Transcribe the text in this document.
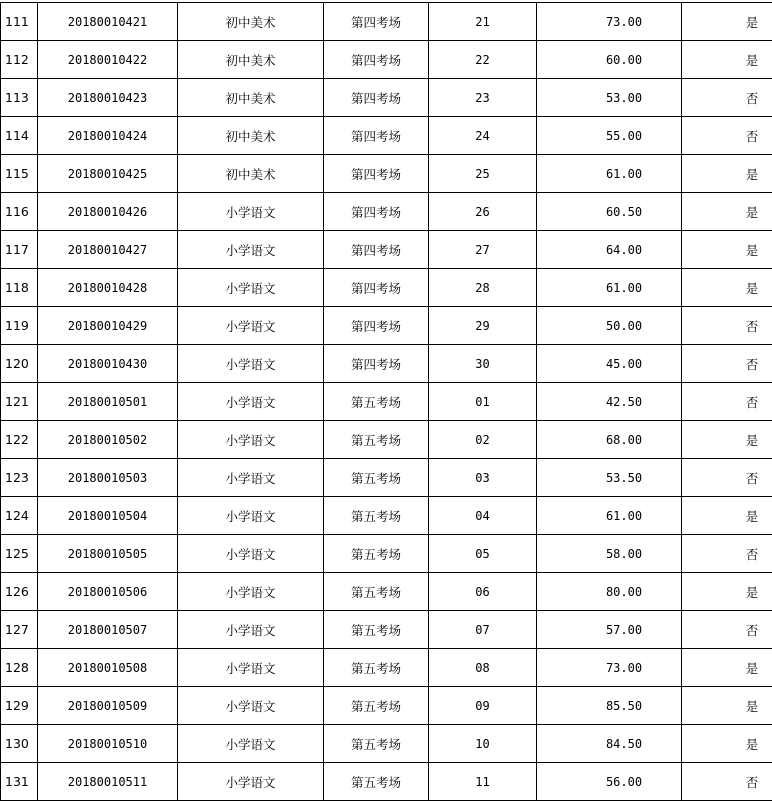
111	20180010421	初中美术	第四考场	21	73.00	是
112	20180010422	初中美术	第四考场	22	60.00	是
113	20180010423	初中美术	第四考场	23	53.00	否
114	20180010424	初中美术	第四考场	24	55.00	否
115	20180010425	初中美术	第四考场	25	61.00	是
116	20180010426	小学语文	第四考场	26	60.50	是
117	20180010427	小学语文	第四考场	27	64.00	是
118	20180010428	小学语文	第四考场	28	61.00	是
119	20180010429	小学语文	第四考场	29	50.00	否
120	20180010430	小学语文	第四考场	30	45.00	否
121	20180010501	小学语文	第五考场	01	42.50	否
122	20180010502	小学语文	第五考场	02	68.00	是
123	20180010503	小学语文	第五考场	03	53.50	否
124	20180010504	小学语文	第五考场	04	61.00	是
125	20180010505	小学语文	第五考场	05	58.00	否
126	20180010506	小学语文	第五考场	06	80.00	是
127	20180010507	小学语文	第五考场	07	57.00	否
128	20180010508	小学语文	第五考场	08	73.00	是
129	20180010509	小学语文	第五考场	09	85.50	是
130	20180010510	小学语文	第五考场	10	84.50	是
131	20180010511	小学语文	第五考场	11	56.00	否
